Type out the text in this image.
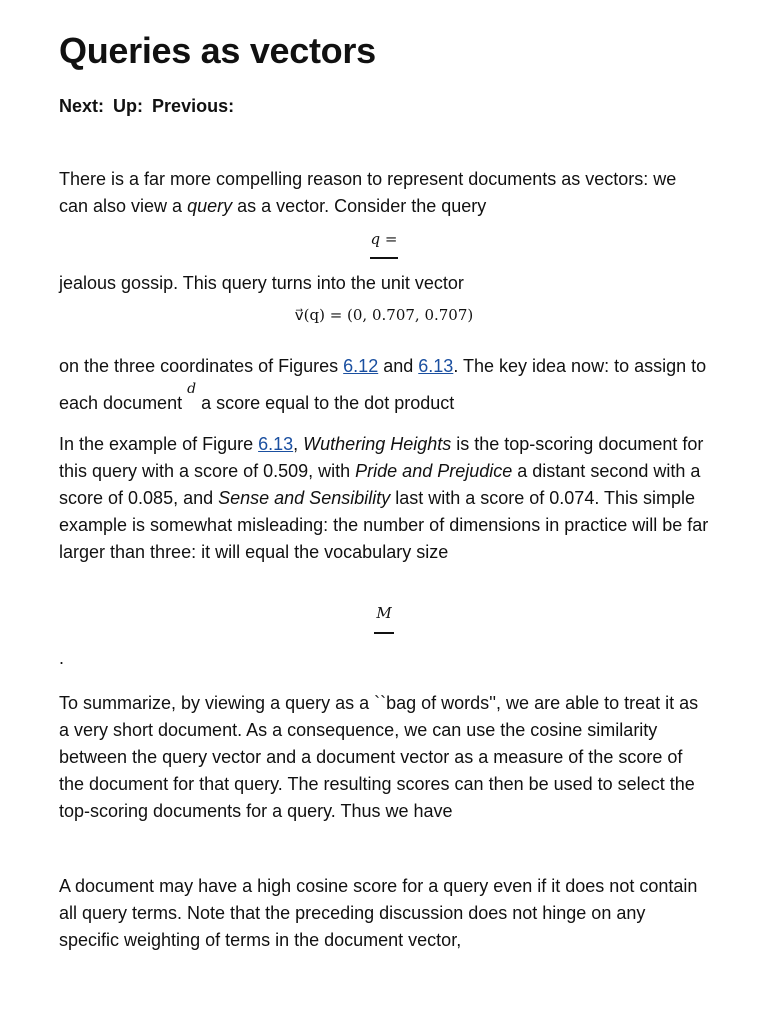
Queries as vectors
Next: Up: Previous:

There is a far more compelling reason to represent documents as vectors: we can also view a query as a vector. Consider the query

q =

jealous gossip. This query turns into the unit vector

v⃗(q) = (0, 0.707, 0.707)

on the three coordinates of Figures 6.12 and 6.13. The key idea now: to assign to each document $^d$ a score equal to the dot product

In the example of Figure 6.13, Wuthering Heights is the top-scoring document for this query with a score of 0.509, with Pride and Prejudice a distant second with a score of 0.085, and Sense and Sensibility last with a score of 0.074. This simple example is somewhat misleading: the number of dimensions in practice will be far larger than three: it will equal the vocabulary size

M
.

To summarize, by viewing a query as a ``bag of words'', we are able to treat it as a very short document. As a consequence, we can use the cosine similarity between the query vector and a document vector as a measure of the score of the document for that query. The resulting scores can then be used to select the top-scoring documents for a query. Thus we have

A document may have a high cosine score for a query even if it does not contain all query terms. Note that the preceding discussion does not hinge on any specific weighting of terms in the document vector,
